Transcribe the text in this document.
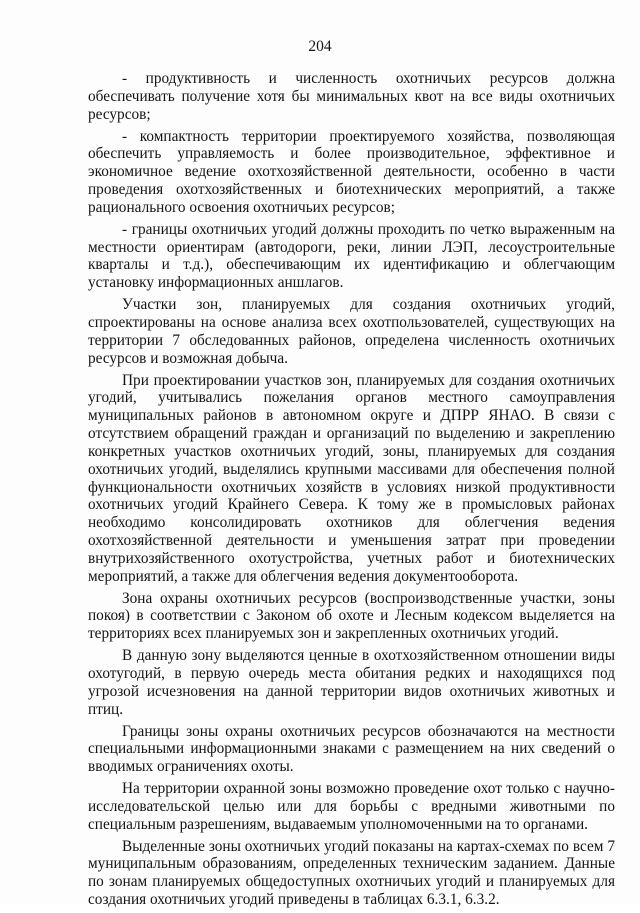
204

- продуктивность и численность охотничьих ресурсов должна обеспечивать получение хотя бы минимальных квот на все виды охотничьих ресурсов;

- компактность территории проектируемого хозяйства, позволяющая обеспечить управляемость и более производительное, эффективное и экономичное ведение охотхозяйственной деятельности, особенно в части проведения охотхозяйственных и биотехнических мероприятий, а также рационального освоения охотничьих ресурсов;

- границы охотничьих угодий должны проходить по четко выраженным на местности ориентирам (автодороги, реки, линии ЛЭП, лесоустроительные кварталы и т.д.), обеспечивающим их идентификацию и облегчающим установку информационных аншлагов.

Участки зон, планируемых для создания охотничьих угодий, спроектированы на основе анализа всех охотпользователей, существующих на территории 7 обследованных районов, определена численность охотничьих ресурсов и возможная добыча.

При проектировании участков зон, планируемых для создания охотничьих угодий, учитывались пожелания органов местного самоуправления муниципальных районов в автономном округе и ДПРР ЯНАО. В связи с отсутствием обращений граждан и организаций по выделению и закреплению конкретных участков охотничьих угодий, зоны, планируемых для создания охотничьих угодий, выделялись крупными массивами для обеспечения полной функциональности охотничьих хозяйств в условиях низкой продуктивности охотничьих угодий Крайнего Севера. К тому же в промысловых районах необходимо консолидировать охотников для облегчения ведения охотхозяйственной деятельности и уменьшения затрат при проведении внутрихозяйственного охотустройства, учетных работ и биотехнических мероприятий, а также для облегчения ведения документооборота.

Зона охраны охотничьих ресурсов (воспроизводственные участки, зоны покоя) в соответствии с Законом об охоте и Лесным кодексом выделяется на территориях всех планируемых зон и закрепленных охотничьих угодий.

В данную зону выделяются ценные в охотхозяйственном отношении виды охотугодий, в первую очередь места обитания редких и находящихся под угрозой исчезновения на данной территории видов охотничьих животных и птиц.

Границы зоны охраны охотничьих ресурсов обозначаются на местности специальными информационными знаками с размещением на них сведений о вводимых ограничениях охоты.

На территории охранной зоны возможно проведение охот только с научно-исследовательской целью или для борьбы с вредными животными по специальным разрешениям, выдаваемым уполномоченными на то органами.

Выделенные зоны охотничьих угодий показаны на картах-схемах по всем 7 муниципальным образованиям, определенных техническим заданием. Данные по зонам планируемых общедоступных охотничьих угодий и планируемых для создания охотничьих угодий приведены в таблицах 6.3.1, 6.3.2.
